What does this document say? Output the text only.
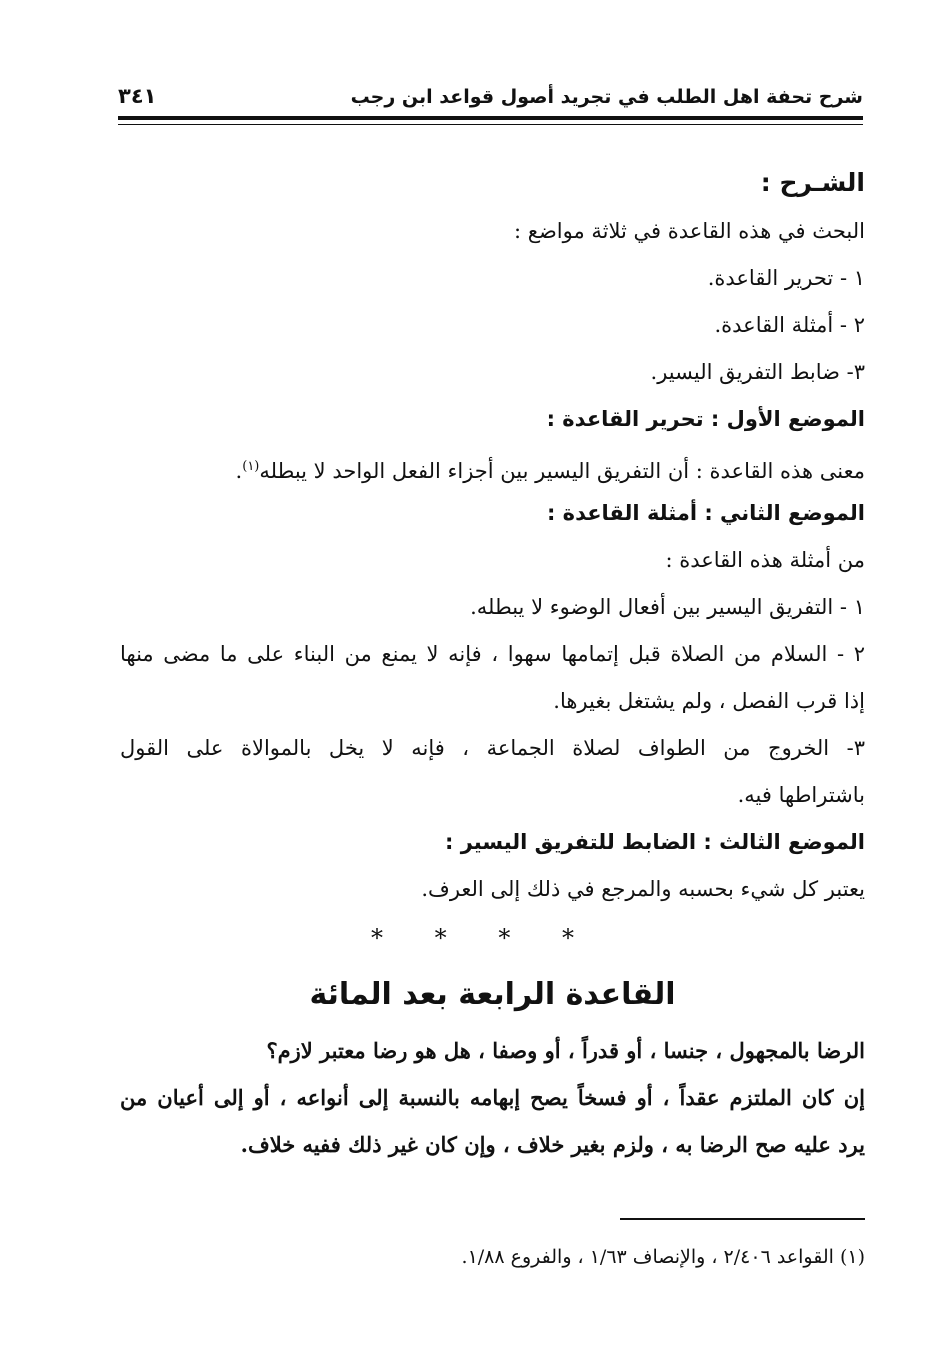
شرح تحفة اهل الطلب في تجريد أصول قواعد ابن رجب
٣٤١
الشـرح :
البحث في هذه القاعدة في ثلاثة مواضع :
١ - تحرير القاعدة.
٢ - أمثلة القاعدة.
٣- ضابط التفريق اليسير.
الموضع الأول : تحرير القاعدة :
معنى هذه القاعدة : أن التفريق اليسير بين أجزاء الفعل الواحد لا يبطله$^{(١)}$.
الموضع الثاني : أمثلة القاعدة :
من أمثلة هذه القاعدة :
١ - التفريق اليسير بين أفعال الوضوء لا يبطله.
٢ - السلام من الصلاة قبل إتمامها سهوا ، فإنه لا يمنع من البناء على ما مضى منها
إذا قرب الفصل ، ولم يشتغل بغيرها.
٣- الخروج من الطواف لصلاة الجماعة ، فإنه لا يخل بالموالاة على القول
باشتراطها فيه.
الموضع الثالث : الضابط للتفريق اليسير :
يعتبر كل شيء بحسبه والمرجع في ذلك إلى العرف.
* * * *
القاعدة الرابعة بعد المائة
الرضا بالمجهول ، جنسا ، أو قدراً ، أو وصفا ، هل هو رضا معتبر لازم؟
إن كان الملتزم عقداً ، أو فسخاً يصح إبهامه بالنسبة إلى أنواعه ، أو إلى أعيان من
يرد عليه صح الرضا به ، ولزم بغير خلاف ، وإن كان غير ذلك ففيه خلاف.
(١) القواعد ٢/٤٠٦ ، والإنصاف ١/٦٣ ، والفروع ١/٨٨.
